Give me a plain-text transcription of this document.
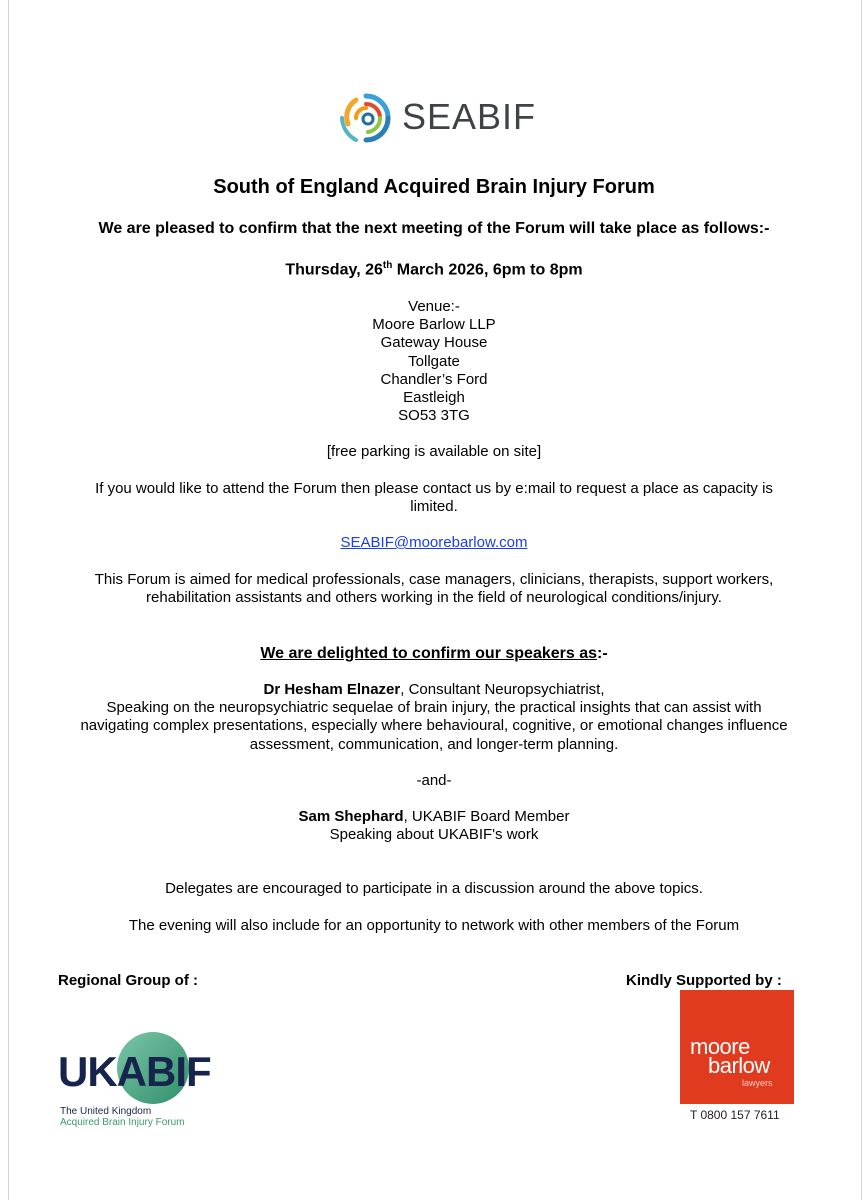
SEABIF
South of England Acquired Brain Injury Forum
We are pleased to confirm that the next meeting of the Forum will take place as follows:-
Thursday, 26th March 2026, 6pm to 8pm
Venue:-
Moore Barlow LLP
Gateway House
Tollgate
Chandler’s Ford
Eastleigh
SO53 3TG
[free parking is available on site]
If you would like to attend the Forum then please contact us by e:mail to request a place as capacity is
limited.
SEABIF@moorebarlow.com
This Forum is aimed for medical professionals, case managers, clinicians, therapists, support workers,
rehabilitation assistants and others working in the field of neurological conditions/injury.
We are delighted to confirm our speakers as:-
Dr Hesham Elnazer, Consultant Neuropsychiatrist,
Speaking on the neuropsychiatric sequelae of brain injury, the practical insights that can assist with
navigating complex presentations, especially where behavioural, cognitive, or emotional changes influence
assessment, communication, and longer-term planning.
-and-
Sam Shephard, UKABIF Board Member
Speaking about UKABIF's work
Delegates are encouraged to participate in a discussion around the above topics.
The evening will also include for an opportunity to network with other members of the Forum
Regional Group of :	Kindly Supported by :
UKABIF
The United Kingdom
Acquired Brain Injury Forum
moore
barlow
lawyers
T 0800 157 7611
